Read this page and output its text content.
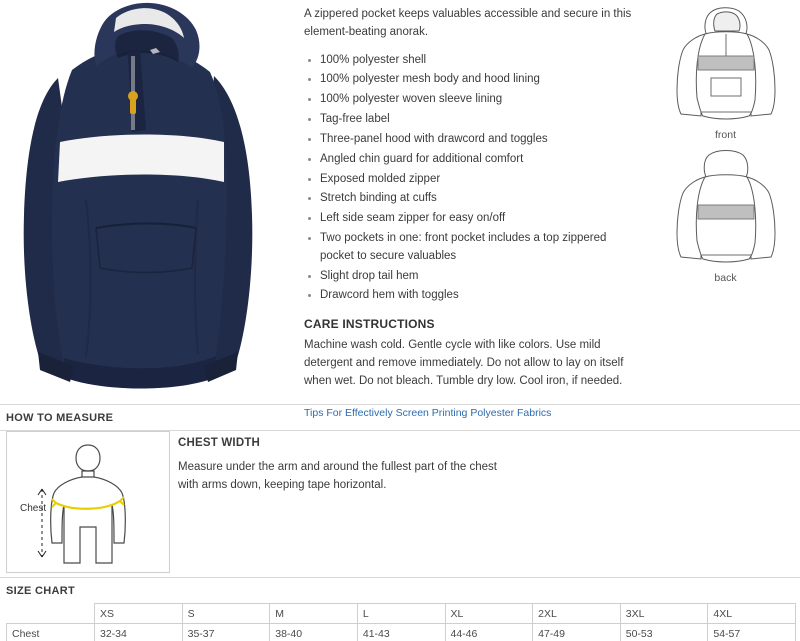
A zippered pocket keeps valuables accessible and secure in this element-beating anorak.

100% polyester shell
100% polyester mesh body and hood lining
100% polyester woven sleeve lining
Tag-free label
Three-panel hood with drawcord and toggles
Angled chin guard for additional comfort
Exposed molded zipper
Stretch binding at cuffs
Left side seam zipper for easy on/off
Two pockets in one: front pocket includes a top zippered pocket to secure valuables
Slight drop tail hem
Drawcord hem with toggles
CARE INSTRUCTIONS

Machine wash cold. Gentle cycle with like colors. Use mild detergent and remove immediately. Do not allow to lay on itself when wet. Do not bleach. Tumble dry low. Cool iron, if needed.

Tips For Effectively Screen Printing Polyester Fabrics
front
back
HOW TO MEASURE
Chest
CHEST WIDTH
Measure under the arm and around the fullest part of the chest
with arms down, keeping tape horizontal.
SIZE CHART
	XS	S	M	L	XL	2XL	3XL	4XL
Chest	32-34	35-37	38-40	41-43	44-46	47-49	50-53	54-57
